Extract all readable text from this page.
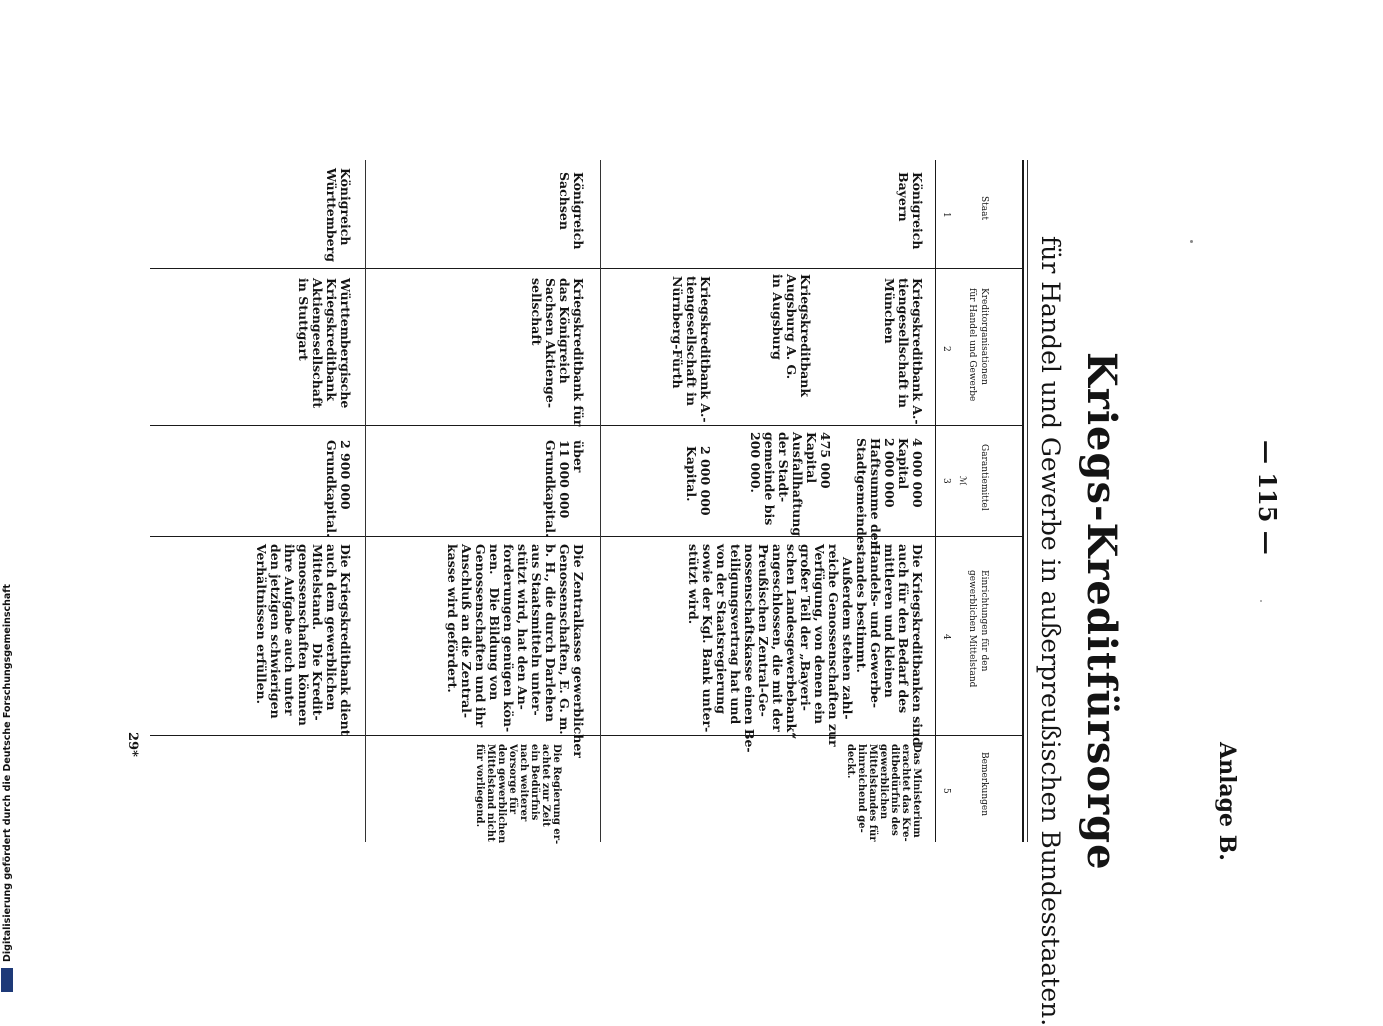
Anlage B.
— 115 —
Kriegs-Kreditfürsorge
für Handel und Gewerbe in außerpreußischen Bundesstaaten.
Staat
1
Kreditorganisationen
für Handel und Gewerbe
2
Garantiemittel
ℳ
3
Einrichtungen für den
gewerblichen Mittelstand
4
Bemerkungen
5
Königreich
Bayern
Kriegskreditbank A.-
tiengesellschaft in
München
Kriegskreditbank
Augsburg A. G.
in Augsburg
Kriegskreditbank A.-
tiengesellschaft in
Nürnberg-Fürth
4 000 000
Kapital
2 000 000
Haftsumme der
Stadtgemeinde.
475 000
Kapital
Ausfallhaftung
der Stadt-
gemeinde bis
200 000.
2 000 000
Kapital.
Die Kriegskreditbanken sind
auch für den Bedarf des
mittleren und kleinen
Handels- und Gewerbe-
standes bestimmt.
Außerdem stehen zahl-
reiche Genossenschaften zur
Verfügung, von denen ein
großer Teil der „Bayeri-
schen Landesgewerbebank“
angeschlossen, die mit der
Preußischen Zentral-Ge-
nossenschaftskasse einen Be-
teiligungsvertrag hat und
von der Staatsregierung
sowie der Kgl. Bank unter-
stützt wird.
Das Ministerium
erachtet das Kre-
ditbedürfnis des
gewerblichen
Mittelstandes für
hinreichend ge-
deckt.
Königreich
Sachsen
Kriegskreditbank für
das Königreich
Sachsen Aktienge-
sellschaft
über
11 000 000
Grundkapital.
Die Zentralkasse gewerblicher
Genossenschaften, E. G. m.
b. H., die durch Darlehen
aus Staatsmitteln unter-
stützt wird, hat den An-
forderungen genügen kön-
nen.   Die Bildung von
Genossenschaften und ihr
Anschluß an die Zentral-
kasse wird gefördert.
Die Regierung er-
achtet zur Zeit
ein Bedürfnis
nach weiterer
Vorsorge für
den gewerblichen
Mittelstand nicht
für vorliegend.
Königreich
Württemberg
Württembergische
Kriegskreditbank
Aktiengesellschaft
in Stuttgart
2 900 000
Grundkapital.
Die Kriegskreditbank dient
auch dem gewerblichen
Mittelstand.   Die Kredit-
genossenschaften können
ihre Aufgabe auch unter
den jetzigen schwierigen
Verhältnissen erfüllen.
29*
Digitalisierung gefördert durch die Deutsche Forschungsgemeinschaft
